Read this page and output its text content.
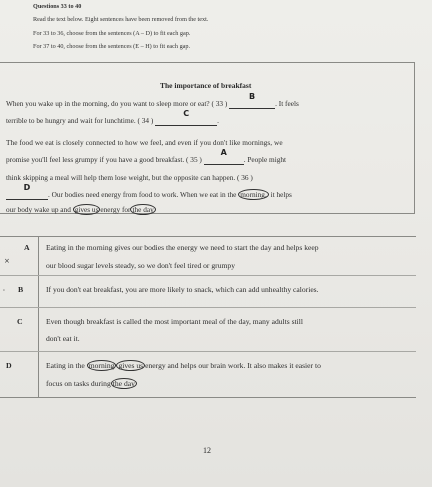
Questions 33 to 40
Read the text below. Eight sentences have been removed from the text.
For 33 to 36, choose from the sentences (A – D) to fit each gap.
For 37 to 40, choose from the sentences (E – H) to fit each gap.
The importance of breakfast
When you wake up in the morning, do you want to sleep more or eat? ( 33 )
B
. It feels
terrible to be hungry and wait for lunchtime. ( 34 )
C
.
The food we eat is closely connected to how we feel, and even if you don't like mornings, we
promise you'll feel less grumpy if you have a good breakfast. ( 35 )
A
. People might
think skipping a meal will help them lose weight, but the opposite can happen. ( 36 )
D
. Our bodies need energy from food to work. When we eat in the morning, it helps
our body wake up and gives us energy for the day
A Eating in the morning gives our bodies the energy we need to start the day and helps keep
our blood sugar levels steady, so we don't feel tired or grumpy
×
B
ˌ	If you don't eat breakfast, you are more likely to snack, which can add unhealthy calories.
C	Even though breakfast is called the most important meal of the day, many adults still
don't eat it.
D	Eating in the morning gives us energy and helps our brain work. It also makes it easier to
focus on tasks during the day
12
